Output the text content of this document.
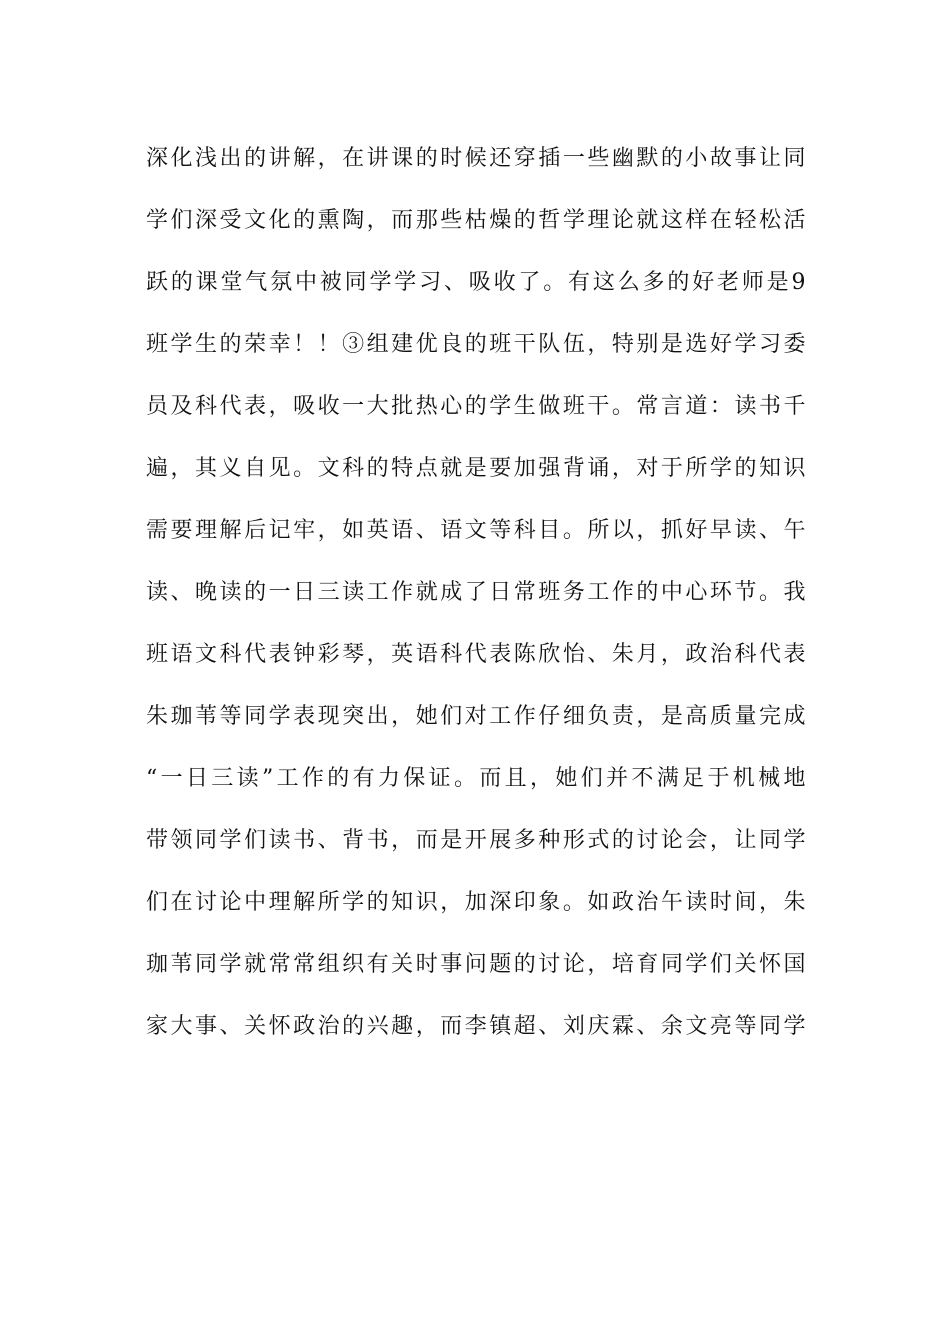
深化浅出的讲解，在讲课的时候还穿插一些幽默的小故事让同
学们深受文化的熏陶，而那些枯燥的哲学理论就这样在轻松活
跃的课堂气氛中被同学学习、吸收了。有这么多的好老师是9
班学生的荣幸！！③组建优良的班干队伍，特别是选好学习委
员及科代表，吸收一大批热心的学生做班干。常言道：读书千
遍，其义自见。文科的特点就是要加强背诵，对于所学的知识
需要理解后记牢，如英语、语文等科目。所以，抓好早读、午
读、晚读的一日三读工作就成了日常班务工作的中心环节。我
班语文科代表钟彩琴，英语科代表陈欣怡、朱月，政治科代表
朱珈苇等同学表现突出，她们对工作仔细负责，是高质量完成
“一日三读”工作的有力保证。而且，她们并不满足于机械地
带领同学们读书、背书，而是开展多种形式的讨论会，让同学
们在讨论中理解所学的知识，加深印象。如政治午读时间，朱
珈苇同学就常常组织有关时事问题的讨论，培育同学们关怀国
家大事、关怀政治的兴趣，而李镇超、刘庆霖、余文亮等同学
